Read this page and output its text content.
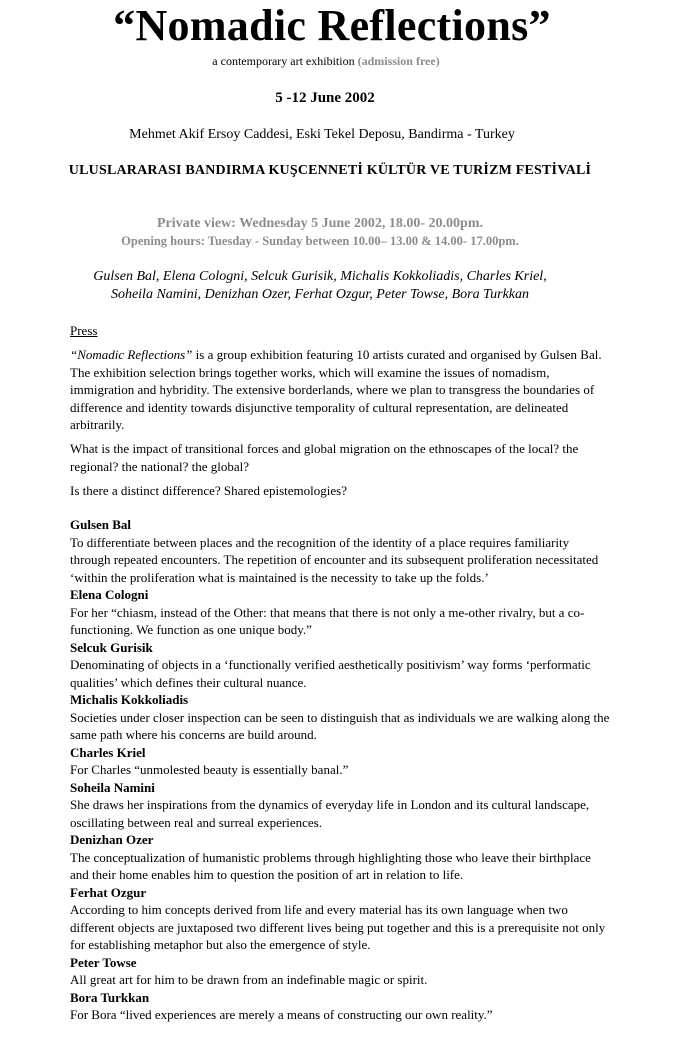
“Nomadic Reflections”
a contemporary art exhibition (admission free)
5 -12 June 2002
Mehmet Akif Ersoy Caddesi, Eski Tekel Deposu, Bandirma - Turkey
ULUSLARARASI BANDIRMA KUŞCENNETİ KÜLTÜR VE TURİZM FESTİVALİ
Private view: Wednesday 5 June 2002, 18.00- 20.00pm.
Opening hours: Tuesday - Sunday between 10.00– 13.00 & 14.00- 17.00pm.
Gulsen Bal, Elena Cologni, Selcuk Gurisik, Michalis Kokkoliadis, Charles Kriel,
Soheila Namini, Denizhan Ozer, Ferhat Ozgur, Peter Towse, Bora Turkkan
Press
“Nomadic Reflections” is a group exhibition featuring 10 artists curated and organised by Gulsen Bal. The exhibition selection brings together works, which will examine the issues of nomadism, immigration and hybridity. The extensive borderlands, where we plan to transgress the boundaries of difference and identity towards disjunctive temporality of cultural representation, are delineated arbitrarily.
What is the impact of transitional forces and global migration on the ethnoscapes of the local? the regional? the national? the global?
Is there a distinct difference? Shared epistemologies?
Gulsen Bal
To differentiate between places and the recognition of the identity of a place requires familiarity through repeated encounters. The repetition of encounter and its subsequent proliferation necessitated ‘within the proliferation what is maintained is the necessity to take up the folds.’
Elena Cologni
For her “chiasm, instead of the Other: that means that there is not only a me-other rivalry, but a co-functioning. We function as one unique body.”
Selcuk Gurisik
Denominating of objects in a ‘functionally verified aesthetically positivism’ way forms ‘performatic qualities’ which defines their cultural nuance.
Michalis Kokkoliadis
Societies under closer inspection can be seen to distinguish that as individuals we are walking along the same path where his concerns are build around.
Charles Kriel
For Charles “unmolested beauty is essentially banal.”
Soheila Namini
She draws her inspirations from the dynamics of everyday life in London and its cultural landscape, oscillating between real and surreal experiences.
Denizhan Ozer
The conceptualization of humanistic problems through highlighting those who leave their birthplace and their home enables him to question the position of art in relation to life.
Ferhat Ozgur
According to him concepts derived from life and every material has its own language when two different objects are juxtaposed two different lives being put together and this is a prerequisite not only for establishing metaphor but also the emergence of style.
Peter Towse
All great art for him to be drawn from an indefinable magic or spirit.
Bora Turkkan
For Bora “lived experiences are merely a means of constructing our own reality.”
